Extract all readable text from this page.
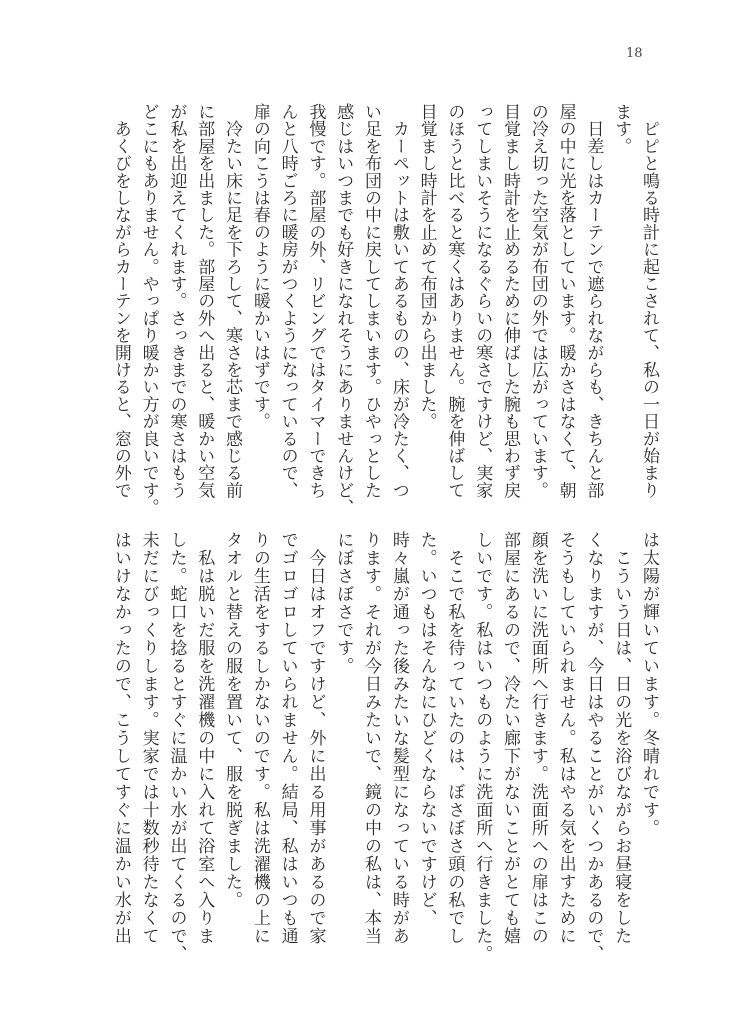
18
　ピピと鳴る時計に起こされて、私の一日が始まり
ます。
　日差しはカーテンで遮られながらも、きちんと部
屋の中に光を落としています。暖かさはなくて、朝
の冷え切った空気が布団の外では広がっています。
目覚まし時計を止めるために伸ばした腕も思わず戻
ってしまいそうになるぐらいの寒さですけど、実家
のほうと比べると寒くはありません。腕を伸ばして
目覚まし時計を止めて布団から出ました。
　カーペットは敷いてあるものの、床が冷たく、つ
い足を布団の中に戻してしまいます。ひやっとした
感じはいつまでも好きになれそうにありませんけど、
我慢です。部屋の外、リビングではタイマーできち
んと八時ごろに暖房がつくようになっているので、
扉の向こうは春のように暖かいはずです。
　冷たい床に足を下ろして、寒さを芯まで感じる前
に部屋を出ました。部屋の外へ出ると、暖かい空気
が私を出迎えてくれます。さっきまでの寒さはもう
どこにもありません。やっぱり暖かい方が良いです。
　あくびをしながらカーテンを開けると、窓の外で
は太陽が輝いています。冬晴れです。
　こういう日は、日の光を浴びながらお昼寝をした
くなりますが、今日はやることがいくつかあるので、
そうもしていられません。私はやる気を出すために
顔を洗いに洗面所へ行きます。洗面所への扉はこの
部屋にあるので、冷たい廊下がないことがとても嬉
しいです。私はいつものように洗面所へ行きました。
　そこで私を待っていたのは、ぼさぼさ頭の私でし
た。いつもはそんなにひどくならないですけど、
時々嵐が通った後みたいな髪型になっている時があ
ります。それが今日みたいで、鏡の中の私は、本当
にぼさぼさです。
　今日はオフですけど、外に出る用事があるので家
でゴロゴロしていられません。結局、私はいつも通
りの生活をするしかないのです。私は洗濯機の上に
タオルと替えの服を置いて、服を脱ぎました。
　私は脱いだ服を洗濯機の中に入れて浴室へ入りま
した。蛇口を捻るとすぐに温かい水が出てくるので、
未だにびっくりします。実家では十数秒待たなくて
はいけなかったので、こうしてすぐに温かい水が出
